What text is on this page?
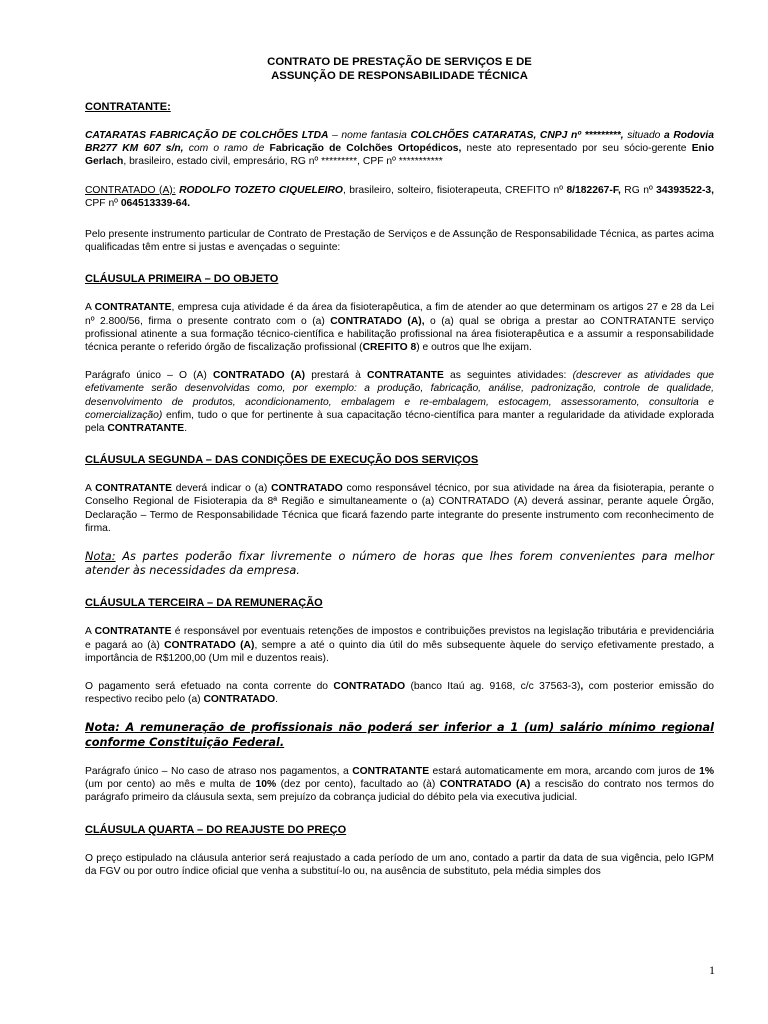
CONTRATO DE PRESTAÇÃO DE SERVIÇOS E DE
ASSUNÇÃO DE RESPONSABILIDADE TÉCNICA
CONTRATANTE:

CATARATAS FABRICAÇÃO DE COLCHÕES LTDA – nome fantasia COLCHÕES CATARATAS, CNPJ nº *********, situado a Rodovia BR277 KM 607 s/n, com o ramo de Fabricação de Colchões Ortopédicos, neste ato representado por seu sócio-gerente Enio Gerlach, brasileiro, estado civil, empresário, RG nº *********, CPF nº ***********

CONTRATADO (A): RODOLFO TOZETO CIQUELEIRO, brasileiro, solteiro, fisioterapeuta, CREFITO nº 8/182267-F, RG nº 34393522-3, CPF nº 064513339-64.

Pelo presente instrumento particular de Contrato de Prestação de Serviços e de Assunção de Responsabilidade Técnica, as partes acima qualificadas têm entre si justas e avençadas o seguinte:

CLÁUSULA PRIMEIRA – DO OBJETO

A CONTRATANTE, empresa cuja atividade é da área da fisioterapêutica, a fim de atender ao que determinam os artigos 27 e 28 da Lei nº 2.800/56, firma o presente contrato com o (a) CONTRATADO (A), o (a) qual se obriga a prestar ao CONTRATANTE serviço profissional atinente a sua formação técnico-científica e habilitação profissional na área fisioterapêutica e a assumir a responsabilidade técnica perante o referido órgão de fiscalização profissional (CREFITO 8) e outros que lhe exijam.

Parágrafo único – O (A) CONTRATADO (A) prestará à CONTRATANTE as seguintes atividades: (descrever as atividades que efetivamente serão desenvolvidas como, por exemplo: a produção, fabricação, análise, padronização, controle de qualidade, desenvolvimento de produtos, acondicionamento, embalagem e re-embalagem, estocagem, assessoramento, consultoria e comercialização) enfim, tudo o que for pertinente à sua capacitação técno-científica para manter a regularidade da atividade explorada pela CONTRATANTE.

CLÁUSULA SEGUNDA – DAS CONDIÇÕES DE EXECUÇÃO DOS SERVIÇOS

A CONTRATANTE deverá indicar o (a) CONTRATADO como responsável técnico, por sua atividade na área da fisioterapia, perante o Conselho Regional de Fisioterapia da 8ª Região e simultaneamente o (a) CONTRATADO (A) deverá assinar, perante aquele Órgão, Declaração – Termo de Responsabilidade Técnica que ficará fazendo parte integrante do presente instrumento com reconhecimento de firma.

Nota: As partes poderão fixar livremente o número de horas que lhes forem convenientes para melhor atender às necessidades da empresa.

CLÁUSULA TERCEIRA – DA REMUNERAÇÃO

A CONTRATANTE é responsável por eventuais retenções de impostos e contribuições previstos na legislação tributária e previdenciária e pagará ao (à) CONTRATADO (A), sempre a até o quinto dia útil do mês subsequente àquele do serviço efetivamente prestado, a importância de R$1200,00 (Um mil e duzentos reais).

O pagamento será efetuado na conta corrente do CONTRATADO (banco Itaú ag. 9168, c/c 37563-3), com posterior emissão do respectivo recibo pelo (a) CONTRATADO.

Nota: A remuneração de profissionais não poderá ser inferior a 1 (um) salário mínimo regional conforme Constituição Federal.

Parágrafo único – No caso de atraso nos pagamentos, a CONTRATANTE estará automaticamente em mora, arcando com juros de 1% (um por cento) ao mês e multa de 10% (dez por cento), facultado ao (à) CONTRATADO (A) a rescisão do contrato nos termos do parágrafo primeiro da cláusula sexta, sem prejuízo da cobrança judicial do débito pela via executiva judicial.

CLÁUSULA QUARTA – DO REAJUSTE DO PREÇO

O preço estipulado na cláusula anterior será reajustado a cada período de um ano, contado a partir da data de sua vigência, pelo IGPM da FGV ou por outro índice oficial que venha a substituí-lo ou, na ausência de substituto, pela média simples dos

1
